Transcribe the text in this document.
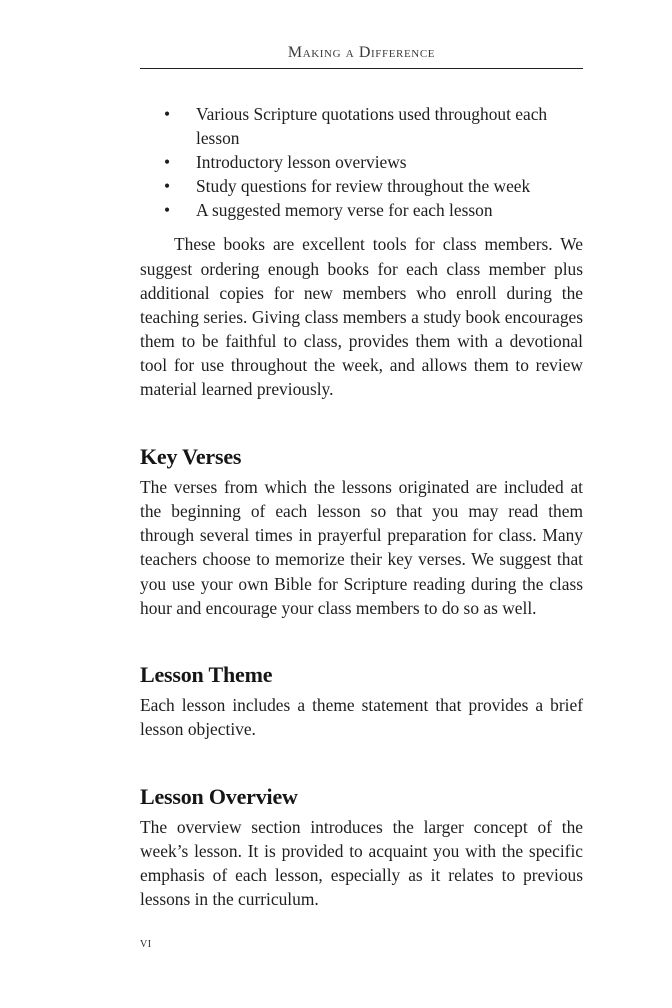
Making a Difference
• Various Scripture quotations used throughout each lesson
• Introductory lesson overviews
• Study questions for review throughout the week
• A suggested memory verse for each lesson

These books are excellent tools for class members. We suggest ordering enough books for each class member plus additional copies for new members who enroll during the teaching series. Giving class members a study book encourages them to be faithful to class, provides them with a devotional tool for use throughout the week, and allows them to review material learned previously.

Key Verses

The verses from which the lessons originated are included at the beginning of each lesson so that you may read them through several times in prayerful preparation for class. Many teachers choose to memorize their key verses. We suggest that you use your own Bible for Scripture reading during the class hour and encourage your class members to do so as well.

Lesson Theme

Each lesson includes a theme statement that provides a brief lesson objective.

Lesson Overview

The overview section introduces the larger concept of the week’s lesson. It is provided to acquaint you with the specific emphasis of each lesson, especially as it relates to previous lessons in the curriculum.

vi
